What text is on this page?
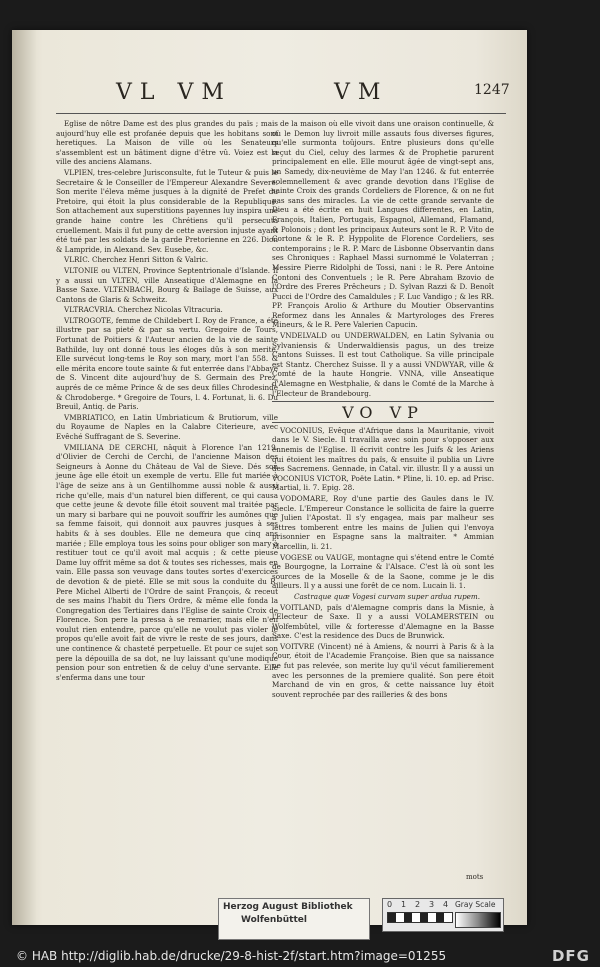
VL VM	VM	1247

Eglise de nôtre Dame est des plus grandes du païs ; mais aujourd'huy elle est profanée depuis que les hobitans sont heretiques. La Maison de ville où les Senateurs s'assemblent est un bâtiment digne d'être vû. Voiez est la ville des anciens Alamans.

VLPIEN, tres-celebre Jurisconsulte, fut le Tuteur & puis le Secretaire & le Conseiller de l'Empereur Alexandre Severe. Son merite l'éleva même jusques à la dignité de Prefet du Pretoire, qui étoit la plus considerable de la Republique. Son attachement aux superstitions payennes luy inspira une grande haine contre les Chrétiens qu'il persecuta cruellement. Mais il fut puny de cette aversion injuste ayant été tué par les soldats de la garde Pretorienne en 226. Dion & Lampride, in Alexand. Sev. Eusebe, &c.

VLRIC. Cherchez Henri Sitton & Valric.

VLTONIE ou VLTEN, Province Septentrionale d'Islande. Il y a aussi un VLTEN, ville Anseatique d'Alemagne en la Basse Saxe. VLTENBACH, Bourg & Bailage de Suisse, aux Cantons de Glaris & Schweitz.

VLTRACVRIA. Cherchez Nicolas Vltracuria.

VLTROGOTE, femme de Childebert I. Roy de France, a été illustre par sa pieté & par sa vertu. Gregoire de Tours, Fortunat de Poitiers & l'Auteur ancien de la vie de sainte Bathilde, luy ont donné tous les éloges dûs à son merite. Elle survécut long-tems le Roy son mary, mort l'an 558. & elle mérita encore toute sainte & fut enterrée dans l'Abbaye de S. Vincent dite aujourd'huy de S. Germain des Prez, auprés de ce même Prince & de ses deux filles Chrodesinde & Chrodoberge. * Gregoire de Tours, l. 4. Fortunat, li. 6. Du Breuil, Antiq. de Paris.

VMBRIATICO, en Latin Umbriaticum & Brutiorum, ville du Royaume de Naples en la Calabre Citerieure, avec Evêché Suffragant de S. Severine.

VMILIANA DE CERCHI, nâquit à Florence l'an 1219. d'Olivier de Cerchi de Cerchi, de l'ancienne Maison des Seigneurs à Aonne du Château de Val de Sieve. Dés son jeune âge elle étoit un exemple de vertu. Elle fut mariée à l'âge de seize ans à un Gentilhomme aussi noble & aussi riche qu'elle, mais d'un naturel bien different, ce qui causa que cette jeune & devote fille étoit souvent mal traitée par un mary si barbare qui ne pouvoit souffrir les aumônes que sa femme faisoit, qui donnoit aux pauvres jusques à ses habits & à ses doubles. Elle ne demeura que cinq ans mariée ; Elle employa tous les soins pour obliger son mary à restituer tout ce qu'il avoit mal acquis ; & cette pieuse Dame luy offrit même sa dot & toutes ses richesses, mais en vain. Elle passa son veuvage dans toutes sortes d'exercices de devotion & de pieté. Elle se mit sous la conduite du R. Pere Michel Alberti de l'Ordre de saint François, & receut de ses mains l'habit du Tiers Ordre, & même elle fonda la Congregation des Tertiaires dans l'Eglise de sainte Croix de Florence. Son pere la pressa à se remarier, mais elle n'en voulut rien entendre, parce qu'elle ne voulut pas violer le propos qu'elle avoit fait de vivre le reste de ses jours, dans une continence & chasteté perpetuelle. Et pour ce sujet son pere la dépouilla de sa dot, ne luy laissant qu'une modique pension pour son entretien & de celuy d'une servante. Elle s'enferma dans une tour

de la maison où elle vivoit dans une oraison continuelle, & où le Demon luy livroit mille assauts fous diverses figures, qu'elle surmonta toûjours. Entre plusieurs dons qu'elle reçut du Ciel, celuy des larmes & de Prophetie parurent principalement en elle. Elle mourut âgée de vingt-sept ans, un Samedy, dix-neuvième de May l'an 1246. & fut enterrée solemnellement & avec grande devotion dans l'Eglise de sainte Croix des grands Cordeliers de Florence, & on ne fut pas sans des miracles. La vie de cette grande servante de Dieu a été écrite en huit Langues differentes, en Latin, François, Italien, Portugais, Espagnol, Allemand, Flamand, & Polonois ; dont les principaux Auteurs sont le R. P. Vito de Cortone & le R. P. Hyppolite de Florence Cordeliers, ses contemporains ; le R. P. Marc de Lisbonne Observantin dans ses Chroniques : Raphael Massi surnommé le Volaterran ; Messire Pierre Ridolphi de Tossi, nani : le R. Pere Antoine Contoni des Conventuels ; le R. Pere Abraham Bzovio de l'Ordre des Freres Prêcheurs ; D. Sylvan Razzi & D. Benoît Pucci de l'Ordre des Camaldules ; F. Luc Vandigo ; & les RR. PP. François Arolio & Arthure du Moutier Observantins Reformez dans les Annales & Martyrologes des Freres Mineurs, & le R. Pere Valerien Capucin.

VNDELVALD ou UNDERWALDEN, en Latin Sylvania ou Sylvaniensis & Underwaldiensis pagus, un des treize Cantons Suisses. Il est tout Catholique. Sa ville principale est Stantz. Cherchez Suisse. Il y a aussi VNDWYAR, ville & Comté de la haute Hongrie. VNNA, ville Anseatique d'Alemagne en Westphalie, & dans le Comté de la Marche à l'Electeur de Brandebourg.

VO VP

VOCONIUS, Evêque d'Afrique dans la Mauritanie, vivoit dans le V. Siecle. Il travailla avec soin pour s'opposer aux ennemis de l'Eglise. Il écrivit contre les Juifs & les Ariens qui étoient les maîtres du païs, & ensuite il publia un Livre des Sacremens. Gennade, in Catal. vir. illustr. Il y a aussi un VOCONIUS VICTOR, Poëte Latin. * Pline, li. 10. ep. ad Prisc. Martial, li. 7. Epig. 28.

VODOMARE, Roy d'une partie des Gaules dans le IV. Siecle. L'Empereur Constance le sollicita de faire la guerre à Julien l'Apostat. Il s'y engagea, mais par malheur ses lettres tomberent entre les mains de Julien qui l'envoya prisonnier en Espagne sans la maltraiter. * Ammian Marcellin, li. 21.

VOGESE ou VAUGE, montagne qui s'étend entre le Comté de Bourgogne, la Lorraine & l'Alsace. C'est là où sont les sources de la Moselle & de la Saone, comme je le dis ailleurs. Il y a aussi une forêt de ce nom. Lucain li. 1.

Castraque quæ Vogesi curvam super ardua rupem.

VOITLAND, païs d'Alemagne compris dans la Misnie, à l'Electeur de Saxe. Il y a aussi VOLAMERSTEIN ou Wolfembûtel, ville & forteresse d'Alemagne en la Basse Saxe. C'est la residence des Ducs de Brunwick.

VOITVRE (Vincent) né à Amiens, & nourri à Paris & à la Cour, étoit de l'Academie Françoise. Bien que sa naissance ne fut pas relevée, son merite luy qu'il vécut familierement avec les personnes de la premiere qualité. Son pere étoit Marchand de vin en gros, & cette naissance luy étoit souvent reprochée par des railleries & des bons

mots
Herzog August Bibliothek
Wolfenbüttel
0 1 2 3 4 Gray Scale
© HAB http://diglib.hab.de/drucke/29-8-hist-2f/start.htm?image=01255	DFG
